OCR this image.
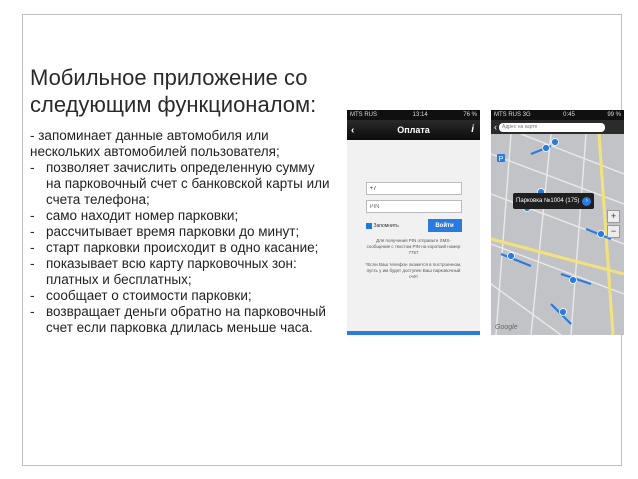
Мобильное приложение со следующим функционалом:
- запоминает данные автомобиля или нескольких автомобилей пользователя;
- позволяет зачислить определенную сумму на парковочный счет с банковской карты или счета телефона;
- само находит номер парковки;
- рассчитывает время парковки до минут;
- старт парковки происходит в одно касание;
- показывает всю карту парковочных зон: платных и бесплатных;
- сообщает о стоимости парковки;
- возвращает деньги обратно на парковочный счет если парковка длилась меньше часа.
MTS RUS	13:14	76 %
‹	Оплата	i
+7
PIN
Запомнить	Войти
Для получения PIN отправьте SMS-сообщение с текстом PIN на короткий номер 7757
*Если Ваш телефон окажется в построенном, пусть у им будет доступен Ваш парковочный счёт
MTS RUS 3G	0:45	99 %
‹
Адрес на карте
P
Парковка №1004 (175)	›
+
−
Google
